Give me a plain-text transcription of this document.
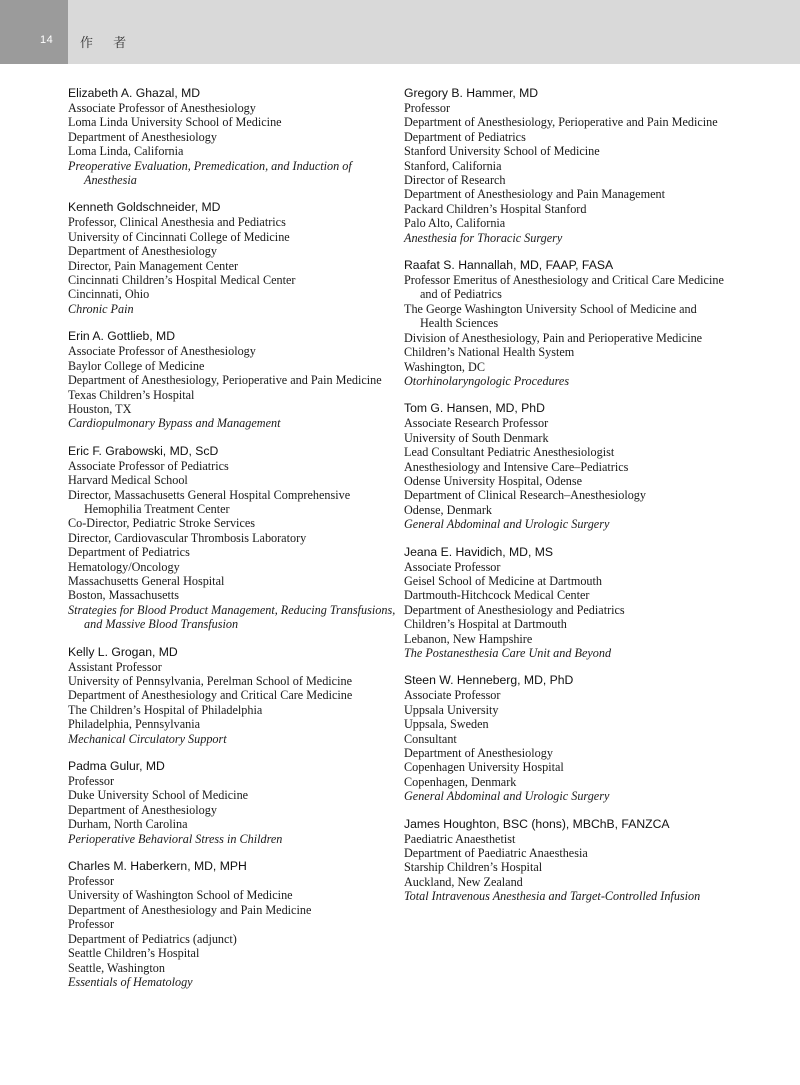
14 作 者
Elizabeth A. Ghazal, MD
Associate Professor of Anesthesiology
Loma Linda University School of Medicine
Department of Anesthesiology
Loma Linda, California
Preoperative Evaluation, Premedication, and Induction of Anesthesia
Kenneth Goldschneider, MD
Professor, Clinical Anesthesia and Pediatrics
University of Cincinnati College of Medicine
Department of Anesthesiology
Director, Pain Management Center
Cincinnati Children’s Hospital Medical Center
Cincinnati, Ohio
Chronic Pain
Erin A. Gottlieb, MD
Associate Professor of Anesthesiology
Baylor College of Medicine
Department of Anesthesiology, Perioperative and Pain Medicine
Texas Children’s Hospital
Houston, TX
Cardiopulmonary Bypass and Management
Eric F. Grabowski, MD, ScD
Associate Professor of Pediatrics
Harvard Medical School
Director, Massachusetts General Hospital Comprehensive Hemophilia Treatment Center
Co-Director, Pediatric Stroke Services
Director, Cardiovascular Thrombosis Laboratory
Department of Pediatrics
Hematology/Oncology
Massachusetts General Hospital
Boston, Massachusetts
Strategies for Blood Product Management, Reducing Transfusions, and Massive Blood Transfusion
Kelly L. Grogan, MD
Assistant Professor
University of Pennsylvania, Perelman School of Medicine
Department of Anesthesiology and Critical Care Medicine
The Children’s Hospital of Philadelphia
Philadelphia, Pennsylvania
Mechanical Circulatory Support
Padma Gulur, MD
Professor
Duke University School of Medicine
Department of Anesthesiology
Durham, North Carolina
Perioperative Behavioral Stress in Children
Charles M. Haberkern, MD, MPH
Professor
University of Washington School of Medicine
Department of Anesthesiology and Pain Medicine
Professor
Department of Pediatrics (adjunct)
Seattle Children’s Hospital
Seattle, Washington
Essentials of Hematology
Gregory B. Hammer, MD
Professor
Department of Anesthesiology, Perioperative and Pain Medicine
Department of Pediatrics
Stanford University School of Medicine
Stanford, California
Director of Research
Department of Anesthesiology and Pain Management
Packard Children’s Hospital Stanford
Palo Alto, California
Anesthesia for Thoracic Surgery
Raafat S. Hannallah, MD, FAAP, FASA
Professor Emeritus of Anesthesiology and Critical Care Medicine and of Pediatrics
The George Washington University School of Medicine and Health Sciences
Division of Anesthesiology, Pain and Perioperative Medicine
Children’s National Health System
Washington, DC
Otorhinolaryngologic Procedures
Tom G. Hansen, MD, PhD
Associate Research Professor
University of South Denmark
Lead Consultant Pediatric Anesthesiologist
Anesthesiology and Intensive Care–Pediatrics
Odense University Hospital, Odense
Department of Clinical Research–Anesthesiology
Odense, Denmark
General Abdominal and Urologic Surgery
Jeana E. Havidich, MD, MS
Associate Professor
Geisel School of Medicine at Dartmouth
Dartmouth-Hitchcock Medical Center
Department of Anesthesiology and Pediatrics
Children’s Hospital at Dartmouth
Lebanon, New Hampshire
The Postanesthesia Care Unit and Beyond
Steen W. Henneberg, MD, PhD
Associate Professor
Uppsala University
Uppsala, Sweden
Consultant
Department of Anesthesiology
Copenhagen University Hospital
Copenhagen, Denmark
General Abdominal and Urologic Surgery
James Houghton, BSC (hons), MBChB, FANZCA
Paediatric Anaesthetist
Department of Paediatric Anaesthesia
Starship Children’s Hospital
Auckland, New Zealand
Total Intravenous Anesthesia and Target-Controlled Infusion
